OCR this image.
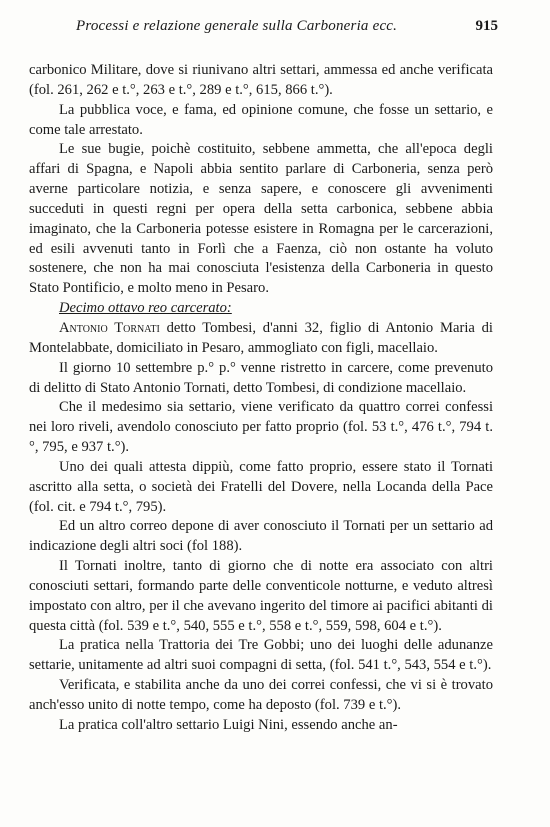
Processi e relazione generale sulla Carboneria ecc.	915

carbonico Militare, dove si riunivano altri settari, ammessa ed anche verificata (fol. 261, 262 e t.°, 263 e t.°, 289 e t.°, 615, 866 t.°).

La pubblica voce, e fama, ed opinione comune, che fosse un settario, e come tale arrestato.

Le sue bugie, poichè costituito, sebbene ammetta, che all'epoca degli affari di Spagna, e Napoli abbia sentito parlare di Carboneria, senza però averne particolare notizia, e senza sapere, e conoscere gli avvenimenti succeduti in questi regni per opera della setta carbonica, sebbene abbia imaginato, che la Carboneria potesse esistere in Romagna per le carcerazioni, ed esili avvenuti tanto in Forlì che a Faenza, ciò non ostante ha voluto sostenere, che non ha mai conosciuta l'esistenza della Carboneria in questo Stato Pontificio, e molto meno in Pesaro.

Decimo ottavo reo carcerato:

Antonio Tornati detto Tombesi, d'anni 32, figlio di Antonio Maria di Montelabbate, domiciliato in Pesaro, ammogliato con figli, macellaio.

Il giorno 10 settembre p.° p.° venne ristretto in carcere, come prevenuto di delitto di Stato Antonio Tornati, detto Tombesi, di condizione macellaio.

Che il medesimo sia settario, viene verificato da quattro correi confessi nei loro riveli, avendolo conosciuto per fatto proprio (fol. 53 t.°, 476 t.°, 794 t.°, 795, e 937 t.°).

Uno dei quali attesta dippiù, come fatto proprio, essere stato il Tornati ascritto alla setta, o società dei Fratelli del Dovere, nella Locanda della Pace (fol. cit. e 794 t.°, 795).

Ed un altro correo depone di aver conosciuto il Tornati per un settario ad indicazione degli altri soci (fol 188).

Il Tornati inoltre, tanto di giorno che di notte era associato con altri conosciuti settari, formando parte delle conventicole notturne, e veduto altresì impostato con altro, per il che avevano ingerito del timore ai pacifici abitanti di questa città (fol. 539 e t.°, 540, 555 e t.°, 558 e t.°, 559, 598, 604 e t.°).

La pratica nella Trattoria dei Tre Gobbi; uno dei luoghi delle adunanze settarie, unitamente ad altri suoi compagni di setta, (fol. 541 t.°, 543, 554 e t.°).

Verificata, e stabilita anche da uno dei correi confessi, che vi si è trovato anch'esso unito di notte tempo, come ha deposto (fol. 739 e t.°).

La pratica coll'altro settario Luigi Nini, essendo anche an-
